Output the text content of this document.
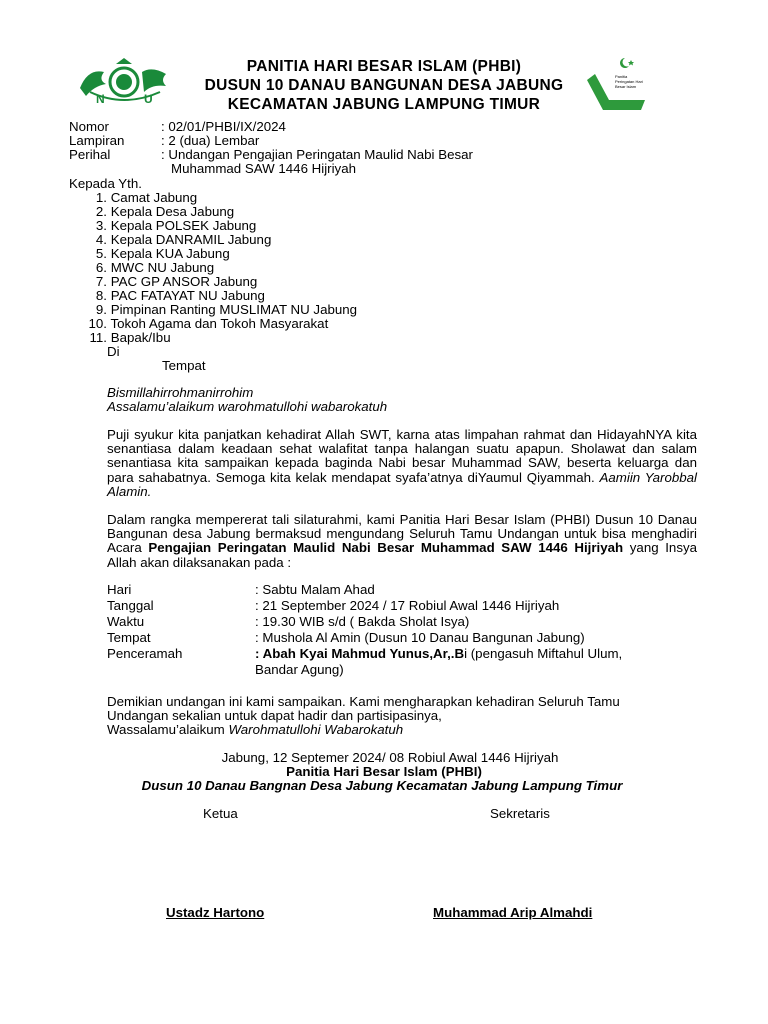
N U
PANITIA HARI BESAR ISLAM (PHBI)
DUSUN 10 DANAU BANGUNAN DESA JABUNG
KECAMATAN JABUNG LAMPUNG TIMUR
Panitia Peringatan Hari Besar Islam
Nomor	: 02/01/PHBI/IX/2024
Lampiran	: 2 (dua) Lembar
Perihal	: Undangan Pengajian Peringatan Maulid Nabi Besar
Muhammad SAW 1446 Hijriyah
Kepada Yth.
1. Camat Jabung
2. Kepala Desa Jabung
3. Kepala POLSEK Jabung
4. Kepala DANRAMIL Jabung
5. Kepala KUA Jabung
6. MWC NU Jabung
7. PAC GP ANSOR Jabung
8. PAC FATAYAT NU Jabung
9. Pimpinan Ranting MUSLIMAT NU Jabung
10. Tokoh Agama dan Tokoh Masyarakat
11. Bapak/Ibu
Di
Tempat
Bismillahirrohmanirrohim
Assalamu’alaikum warohmatullohi wabarokatuh
Puji syukur kita panjatkan kehadirat Allah SWT, karna atas limpahan rahmat dan HidayahNYA kita senantiasa dalam keadaan sehat walafitat tanpa halangan suatu apapun. Sholawat dan salam senantiasa kita sampaikan kepada baginda Nabi besar Muhammad SAW, beserta keluarga dan para sahabatnya. Semoga kita kelak mendapat syafa’atnya diYaumul Qiyammah. Aamiin Yarobbal Alamin.
Dalam rangka mempererat tali silaturahmi, kami Panitia Hari Besar Islam (PHBI) Dusun 10 Danau Bangunan desa Jabung bermaksud mengundang Seluruh Tamu Undangan untuk bisa menghadiri Acara Pengajian Peringatan Maulid Nabi Besar Muhammad SAW 1446 Hijriyah yang Insya Allah akan dilaksanakan pada :
Hari	: Sabtu Malam Ahad
Tanggal	: 21 September 2024 / 17 Robiul Awal 1446 Hijriyah
Waktu	: 19.30 WIB s/d ( Bakda Sholat Isya)
Tempat	: Mushola Al Amin (Dusun 10 Danau Bangunan Jabung)
Penceramah	: Abah Kyai Mahmud Yunus,Ar,.Bi (pengasuh Miftahul Ulum,
Bandar Agung)
Demikian undangan ini kami sampaikan. Kami mengharapkan kehadiran Seluruh Tamu
Undangan sekalian untuk dapat hadir dan partisipasinya,
Wassalamu’alaikum Warohmatullohi Wabarokatuh
Jabung, 12 Septemer 2024/ 08 Robiul Awal 1446 Hijriyah
Panitia Hari Besar Islam (PHBI)
Dusun 10 Danau Bangnan Desa Jabung Kecamatan Jabung Lampung Timur
Ketua	Sekretaris
Ustadz Hartono	Muhammad Arip Almahdi
